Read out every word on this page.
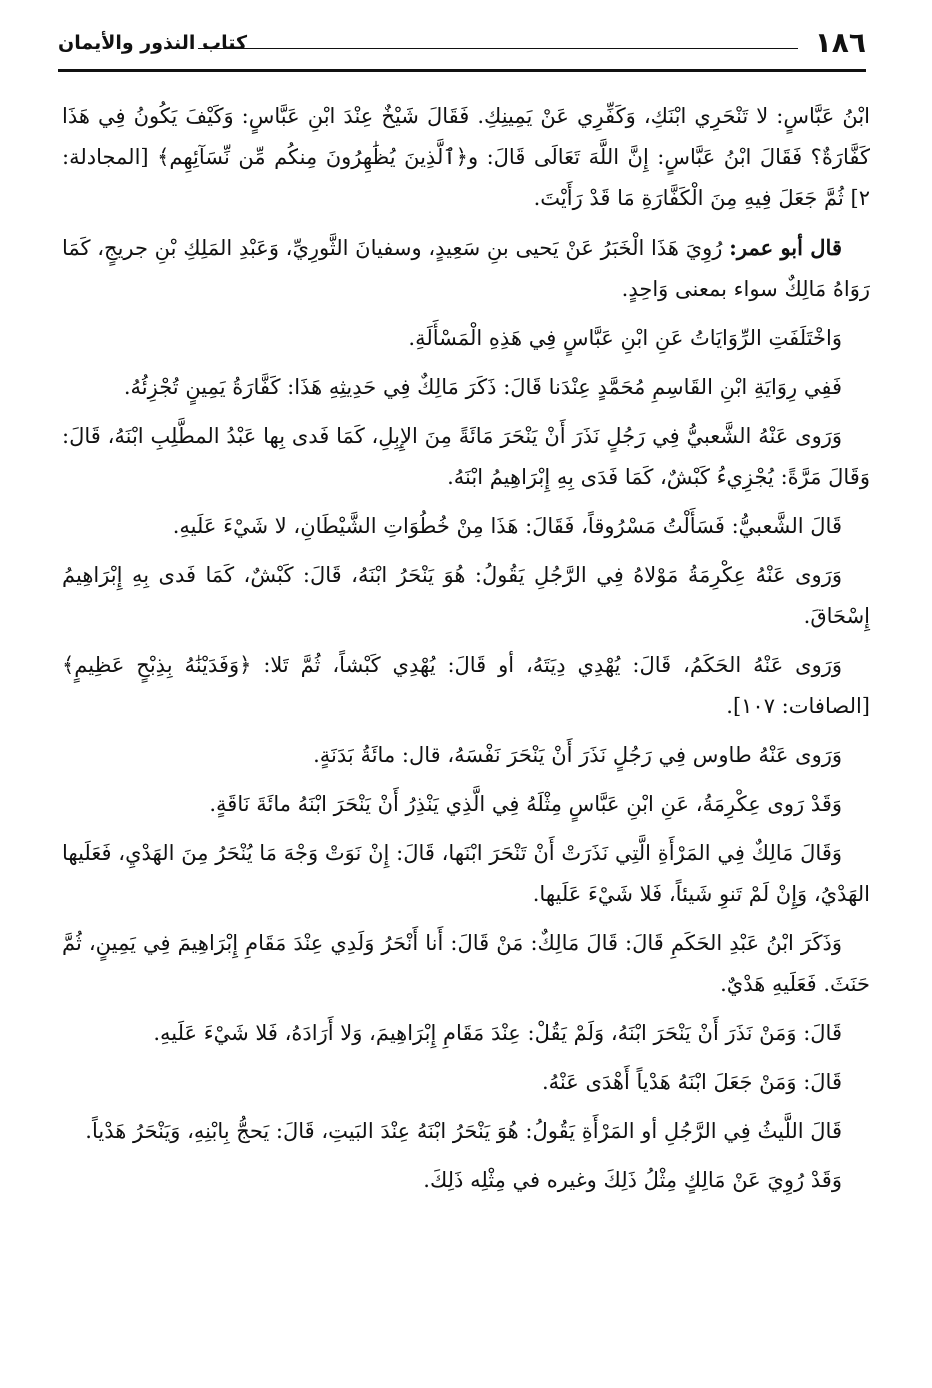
١٨٦
كتاب النذور والأيمان

ابْنُ عَبَّاسٍ: لا تَنْحَرِي ابْنَكِ، وَكَفِّرِي عَنْ يَمِينِكِ. فَقَالَ شَيْخٌ عِنْدَ ابْنِ عَبَّاسٍ: وَكَيْفَ يَكُونُ فِي هَذَا كَفَّارَةٌ؟ فَقَالَ ابْنُ عَبَّاسٍ: إِنَّ اللَّهَ تَعَالَى قَالَ: و﴿ٱلَّذِينَ يُظَٰهِرُونَ مِنكُم مِّن نِّسَآئِهِم﴾ [المجادلة: ٢] ثُمَّ جَعَلَ فِيهِ مِنَ الْكَفَّارَةِ مَا قَدْ رَأَيْتَ.

قال أبو عمر: رُوِيَ هَذَا الْخَبَرُ عَنْ يَحيى بنِ سَعِيدٍ، وسفيانَ الثَّورِيِّ، وَعَبْدِ المَلِكِ بْنِ جريجٍ، كَمَا رَوَاهُ مَالِكٌ سواء بمعنى وَاحِدٍ.

وَاخْتَلَفَتِ الرِّوَايَاتُ عَنِ ابْنِ عَبَّاسٍ فِي هَذِهِ الْمَسْأَلَةِ.

فَفِي رِوَايَةِ ابْنِ القَاسِمِ مُحَمَّدٍ عِنْدَنا قَالَ: ذَكَرَ مَالِكٌ فِي حَدِيثِهِ هَذَا: كَفَّارَةُ يَمِينٍ تُجْزِئُهُ.

وَرَوى عَنْهُ الشَّعبيُّ فِي رَجُلٍ نَذَرَ أَنْ يَنْحَرَ مَائَةً مِنَ الإِبِلِ، كَمَا فَدى بِها عَبْدُ المطَّلِبِ ابْنَهُ، قَالَ: وَقَالَ مَرَّةً: يُجْزِيءُ كَبْشٌ، كَمَا فَدَى بِهِ إِبْرَاهِيمُ ابْنَهُ.

قَالَ الشَّعبيُّ: فَسَأَلْتُ مَسْرُوقاً، فَقَالَ: هَذَا مِنْ خُطُوَاتِ الشَّيْطَانِ، لا شَيْءَ عَلَيهِ.

وَرَوى عَنْهُ عِكْرِمَةُ مَوْلاهُ فِي الرَّجُلِ يَقُولُ: هُوَ يَنْحَرُ ابْنَهُ، قَالَ: كَبْشٌ، كَمَا فَدى بِهِ إِبْرَاهِيمُ إِسْحَاقَ.

وَرَوى عَنْهُ الحَكَمُ، قَالَ: يُهْدِي دِيَتَهُ، أو قَالَ: يُهْدِي كَبْشاً، ثُمَّ تَلا: ﴿وَفَدَيْنَٰهُ بِذِبْحٍ عَظِيمٍ﴾ [الصافات: ١٠٧].

وَرَوى عَنْهُ طاوس فِي رَجُلٍ نَذَرَ أَنْ يَنْحَرَ نَفْسَهُ، قال: مائَةُ بَدَنَةٍ.

وَقَدْ رَوى عِكْرِمَةُ، عَنِ ابْنِ عَبَّاسٍ مِثْلَهُ فِي الَّذِي يَنْذِرُ أَنْ يَنْحَرَ ابْنَهُ مائَةَ نَاقَةٍ.

وَقَالَ مَالِكٌ فِي المَرْأَةِ الَّتِي نَذَرَتْ أَنْ تَنْحَرَ ابْنَها، قَالَ: إِنْ نَوَتْ وَجْهَ مَا يُنْحَرُ مِنَ الهَدْيِ، فَعَلَيها الهَدْيُ، وَإِنْ لَمْ تَنوِ شَيئاً، فَلا شَيْءَ عَلَيها.

وَذَكَرَ ابْنُ عَبْدِ الحَكَمِ قَالَ: قَالَ مَالِكٌ: مَنْ قَالَ: أَنا أَنْحَرُ وَلَدِي عِنْدَ مَقَامِ إِبْرَاهِيمَ فِي يَمِينٍ، ثُمَّ حَنَثَ. فَعَلَيهِ هَدْيٌ.

قَالَ: وَمَنْ نَذَرَ أَنْ يَنْحَرَ ابْنَهُ، وَلَمْ يَقُلْ: عِنْدَ مَقَامِ إِبْرَاهِيمَ، وَلا أَرَادَهُ، فَلا شَيْءَ عَلَيهِ.

قَالَ: وَمَنْ جَعَلَ ابْنَهُ هَدْياً أَهْدَى عَنْهُ.

قَالَ اللَّيثُ فِي الرَّجُلِ أو المَرْأَةِ يَقُولُ: هُوَ يَنْحَرُ ابْنَهُ عِنْدَ البَيتِ، قَالَ: يَحجُّ بِابْنِهِ، وَيَنْحَرُ هَدْياً.

وَقَدْ رُوِيَ عَنْ مَالِكٍ مِثْلُ ذَلِكَ وغيره في مِثْلِه ذَلِكَ.
